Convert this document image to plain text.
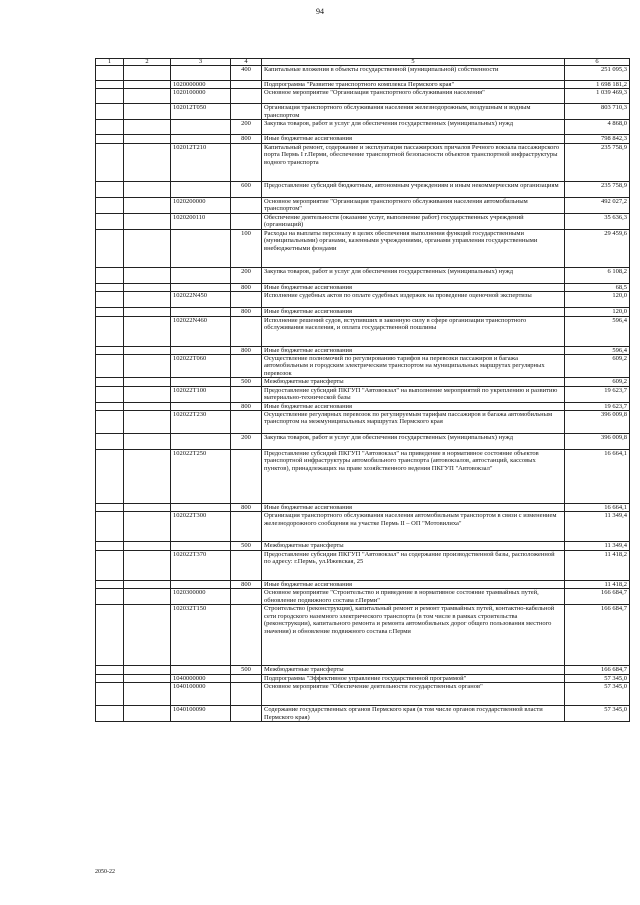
94
1	2	3	4	5	6
			400	Капитальные вложения в объекты государственной (муниципальной) собственности	251 095,3
		1020000000		Подпрограмма "Развитие транспортного комплекса Пермского края"	1 698 181,2
		1020100000		Основное мероприятие "Организация транспортного обслуживания населения"	1 039 469,3
		102012Т050		Организация транспортного обслуживания населения железнодорожным, воздушным и водным транспортом	803 710,3
			200	Закупка товаров, работ и услуг для обеспечения государственных (муниципальных) нужд	4 868,0
			800	Иные бюджетные ассигнования	798 842,3
		102012Т210		Капитальный ремонт, содержание и эксплуатация пассажирских причалов Речного вокзала пассажирского порта Пермь I г.Перми, обеспечение транспортной безопасности объектов транспортной инфраструктуры водного транспорта	235 758,9
			600	Предоставление субсидий бюджетным, автономным учреждениям и иным некоммерческим организациям	235 758,9
		1020200000		Основное мероприятие "Организация транспортного обслуживания населения автомобильным транспортом"	492 027,2
		1020200110		Обеспечение деятельности (оказание услуг, выполнение работ) государственных учреждений (организаций)	35 636,3
			100	Расходы на выплаты персоналу в целях обеспечения выполнения функций государственными (муниципальными) органами, казенными учреждениями, органами управления государственными внебюджетными фондами	29 459,6
			200	Закупка товаров, работ и услуг для обеспечения государственных (муниципальных) нужд	6 108,2
			800	Иные бюджетные ассигнования	68,5
		102022N450		Исполнение судебных актов по оплате судебных издержек на проведение оценочной экспертизы	120,0
			800	Иные бюджетные ассигнования	120,0
		102022N460		Исполнение решений судов, вступивших в законную силу в сфере организации транспортного обслуживания населения, и оплата государственной пошлины	596,4
			800	Иные бюджетные ассигнования	596,4
		102022Т060		Осуществление полномочий по регулированию тарифов на перевозки пассажиров и багажа автомобильным и городским электрическим транспортом на муниципальных маршрутах регулярных перевозок	609,2
			500	Межбюджетные трансферты	609,2
		102022Т100		Предоставление субсидий ПКГУП "Автовокзал" на выполнение мероприятий по укреплению и развитию материально-технической базы	19 623,7
			800	Иные бюджетные ассигнования	19 623,7
		102022Т230		Осуществление регулярных перевозок по регулируемым тарифам пассажиров и багажа автомобильным транспортом на межмуниципальных маршрутах Пермского края	396 009,8
			200	Закупка товаров, работ и услуг для обеспечения государственных (муниципальных) нужд	396 009,8
		102022Т250		Предоставление субсидий ПКГУП "Автовокзал" на приведение в нормативное состояние объектов транспортной инфраструктуры автомобильного транспорта (автовокзалов, автостанций, кассовых пунктов), принадлежащих на праве хозяйственного ведения ПКГУП "Автовокзал"	16 664,1
			800	Иные бюджетные ассигнования	16 664,1
		102022Т300		Организация транспортного обслуживания населения автомобильным транспортом в связи с изменением железнодорожного сообщения на участке Пермь II – ОП "Мотовилиха"	11 349,4
			500	Межбюджетные трансферты	11 349,4
		102022Т370		Предоставление субсидии ПКГУП "Автовокзал" на содержание производственной базы, расположенной по адресу: г.Пермь, ул.Ижевская, 25	11 418,2
			800	Иные бюджетные ассигнования	11 418,2
		1020300000		Основное мероприятие "Строительство и приведение в нормативное состояние трамвайных путей, обновление подвижного состава г.Перми"	166 684,7
		102032Т150		Строительство (реконструкция), капитальный ремонт и ремонт трамвайных путей, контактно-кабельной сети городского наземного электрического транспорта (в том числе в рамках строительства (реконструкции), капитального ремонта и ремонта автомобильных дорог общего пользования местного значения) и обновление подвижного состава г.Перми	166 684,7
			500	Межбюджетные трансферты	166 684,7
		1040000000		Подпрограмма "Эффективное управление государственной программой"	57 345,0
		1040100000		Основное мероприятие "Обеспечение деятельности государственных органов"	57 345,0
		1040100090		Содержание государственных органов Пермского края (в том числе органов государственной власти Пермского края)	57 345,0
2050-22
